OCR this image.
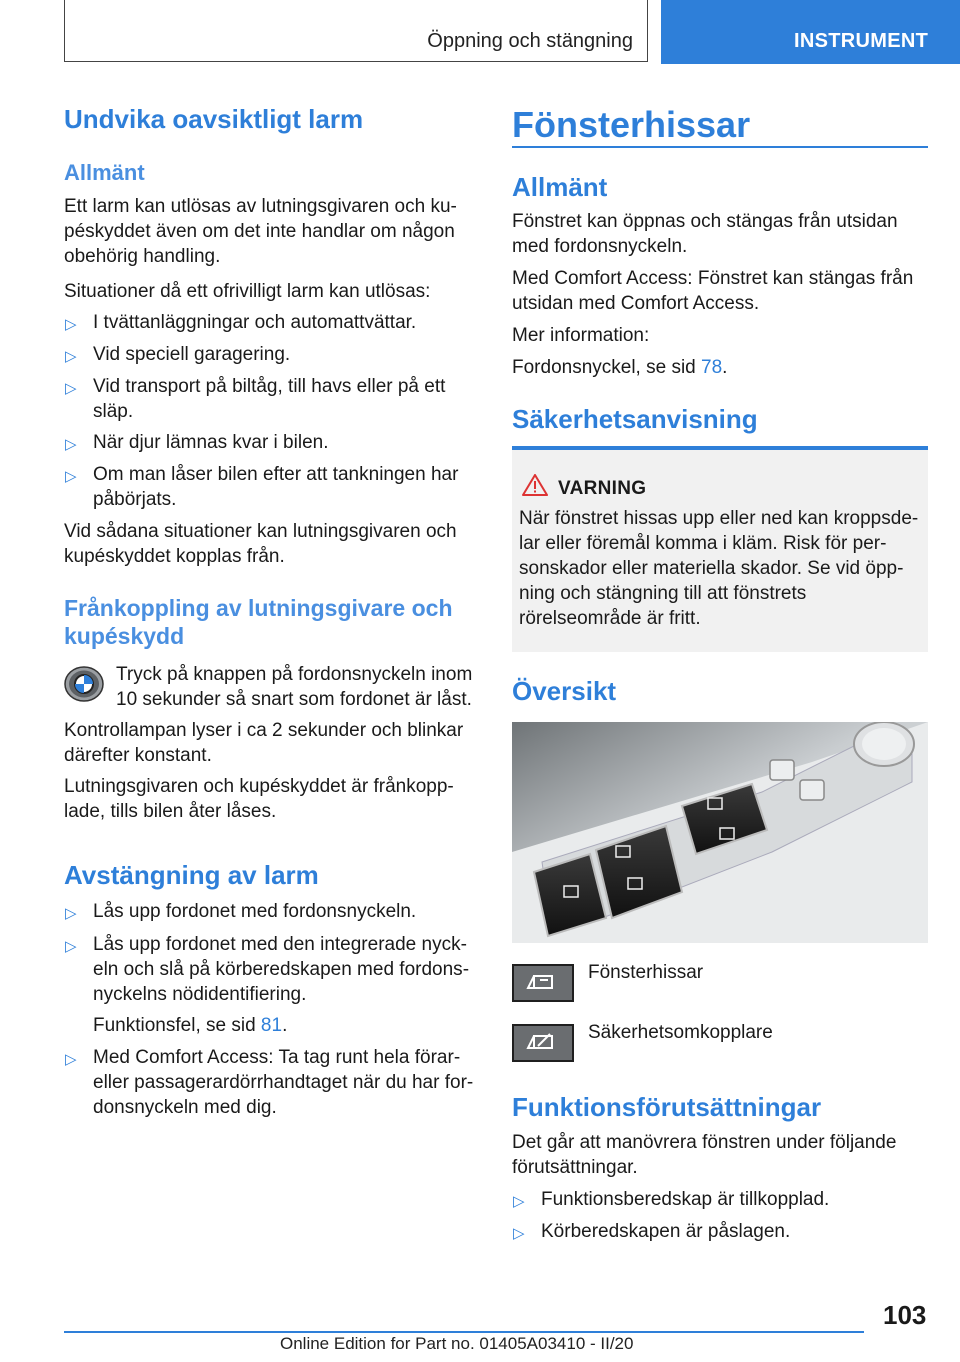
Öppning och stängning	INSTRUMENT
Undvika oavsiktligt larm
Allmänt
Ett larm kan utlösas av lutningsgivaren och kupéskyddet även om det inte handlar om någon obehörig handling.
Situationer då ett ofrivilligt larm kan utlösas:
▷ I tvättanläggningar och automattvättar.
▷ Vid speciell garagering.
▷ Vid transport på biltåg, till havs eller på ett släp.
▷ När djur lämnas kvar i bilen.
▷ Om man låser bilen efter att tankningen har påbörjats.
Vid sådana situationer kan lutningsgivaren och kupéskyddet kopplas från.
Frånkoppling av lutningsgivare och kupéskydd
Tryck på knappen på fordonsnyckeln inom 10 sekunder så snart som fordonet är låst.
Kontrollampan lyser i ca 2 sekunder och blinkar därefter konstant.
Lutningsgivaren och kupéskyddet är frånkopplade, tills bilen åter låses.
Avstängning av larm
▷ Lås upp fordonet med fordonsnyckeln.
▷ Lås upp fordonet med den integrerade nyckeln och slå på körberedskapen med fordonsnyckelns nödidentifiering.
Funktionsfel, se sid 81.
▷ Med Comfort Access: Ta tag runt hela förar- eller passagerardörrhandtaget när du har fordonsnyckeln med dig.
Fönsterhissar
Allmänt
Fönstret kan öppnas och stängas från utsidan med fordonsnyckeln.
Med Comfort Access: Fönstret kan stängas från utsidan med Comfort Access.
Mer information:
Fordonsnyckel, se sid 78.
Säkerhetsanvisning
VARNING
När fönstret hissas upp eller ned kan kroppsdelar eller föremål komma i kläm. Risk för personskador eller materiella skador. Se vid öppning och stängning till att fönstrets rörelseområde är fritt.
Översikt
Fönsterhissar
Säkerhetsomkopplare
Funktionsförutsättningar
Det går att manövrera fönstren under följande förutsättningar.
▷ Funktionsberedskap är tillkopplad.
▷ Körberedskapen är påslagen.
103
Online Edition for Part no. 01405A03410 - II/20
